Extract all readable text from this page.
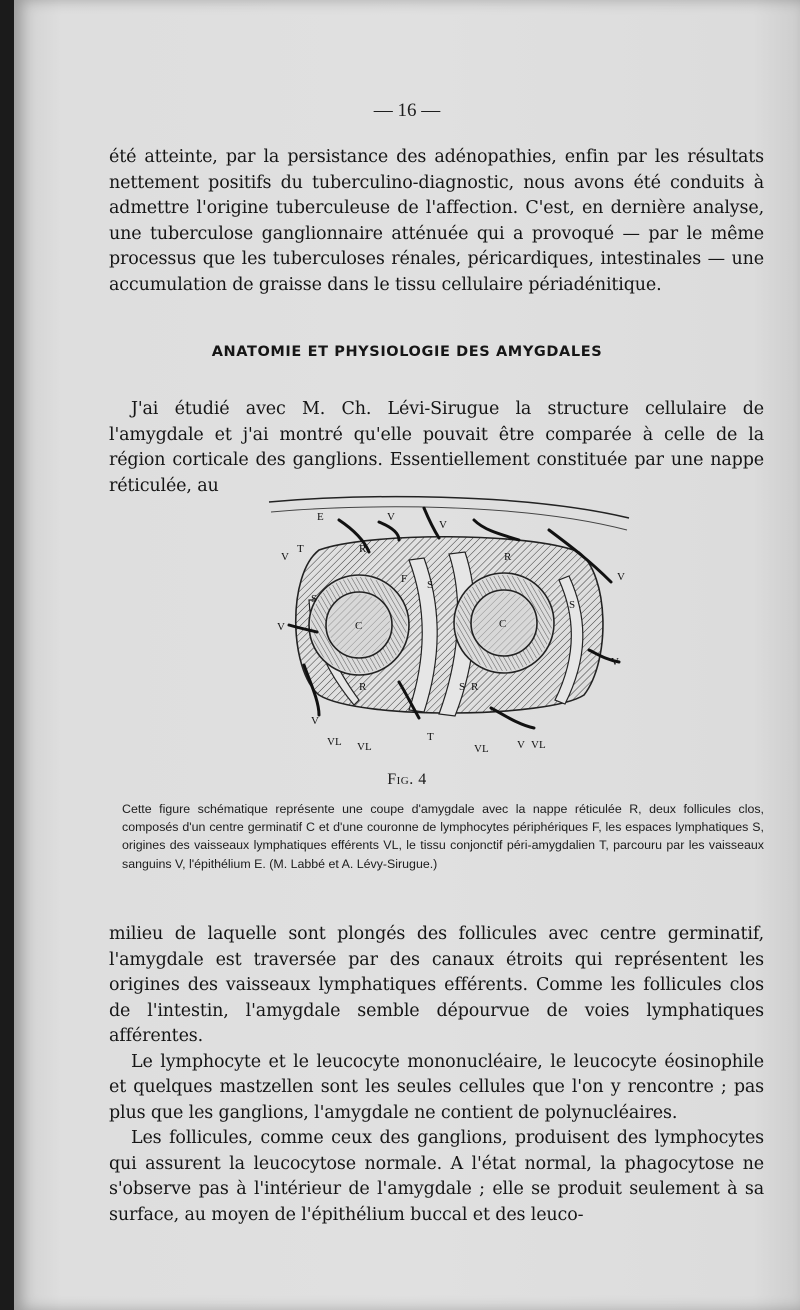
— 16 —

été atteinte, par la persistance des adénopathies, enfin par les résultats nettement positifs du tuberculino-diagnostic, nous avons été conduits à admettre l'origine tuberculeuse de l'affection. C'est, en dernière analyse, une tuberculose ganglionnaire atténuée qui a provoqué — par le même processus que les tuberculoses rénales, péricardiques, intestinales — une accumulation de graisse dans le tissu cellulaire périadénitique.

ANATOMIE ET PHYSIOLOGIE DES AMYGDALES

J'ai étudié avec M. Ch. Lévi-Sirugue la structure cellulaire de l'amygdale et j'ai montré qu'elle pouvait être comparée à celle de la région corticale des ganglions. Essentiellement constituée par une nappe réticulée, au

E	V
V
V
T	R
R
F S
S	S
C	C
V
V
V
R	S R
V
VL VL
T
VL	V VL
Fig. 4

Cette figure schématique représente une coupe d'amygdale avec la nappe réticulée R, deux follicules clos, composés d'un centre germinatif C et d'une couronne de lymphocytes périphériques F, les espaces lymphatiques S, origines des vaisseaux lymphatiques efférents VL, le tissu conjonctif péri-amygdalien T, parcouru par les vaisseaux sanguins V, l'épithélium E. (M. Labbé et A. Lévy-Sirugue.)

milieu de laquelle sont plongés des follicules avec centre germinatif, l'amygdale est traversée par des canaux étroits qui représentent les origines des vaisseaux lymphatiques efférents. Comme les follicules clos de l'intestin, l'amygdale semble dépourvue de voies lymphatiques afférentes.

Le lymphocyte et le leucocyte mononucléaire, le leucocyte éosinophile et quelques mastzellen sont les seules cellules que l'on y rencontre ; pas plus que les ganglions, l'amygdale ne contient de polynucléaires.

Les follicules, comme ceux des ganglions, produisent des lymphocytes qui assurent la leucocytose normale. A l'état normal, la phagocytose ne s'observe pas à l'intérieur de l'amygdale ; elle se produit seulement à sa surface, au moyen de l'épithélium buccal et des leuco-
